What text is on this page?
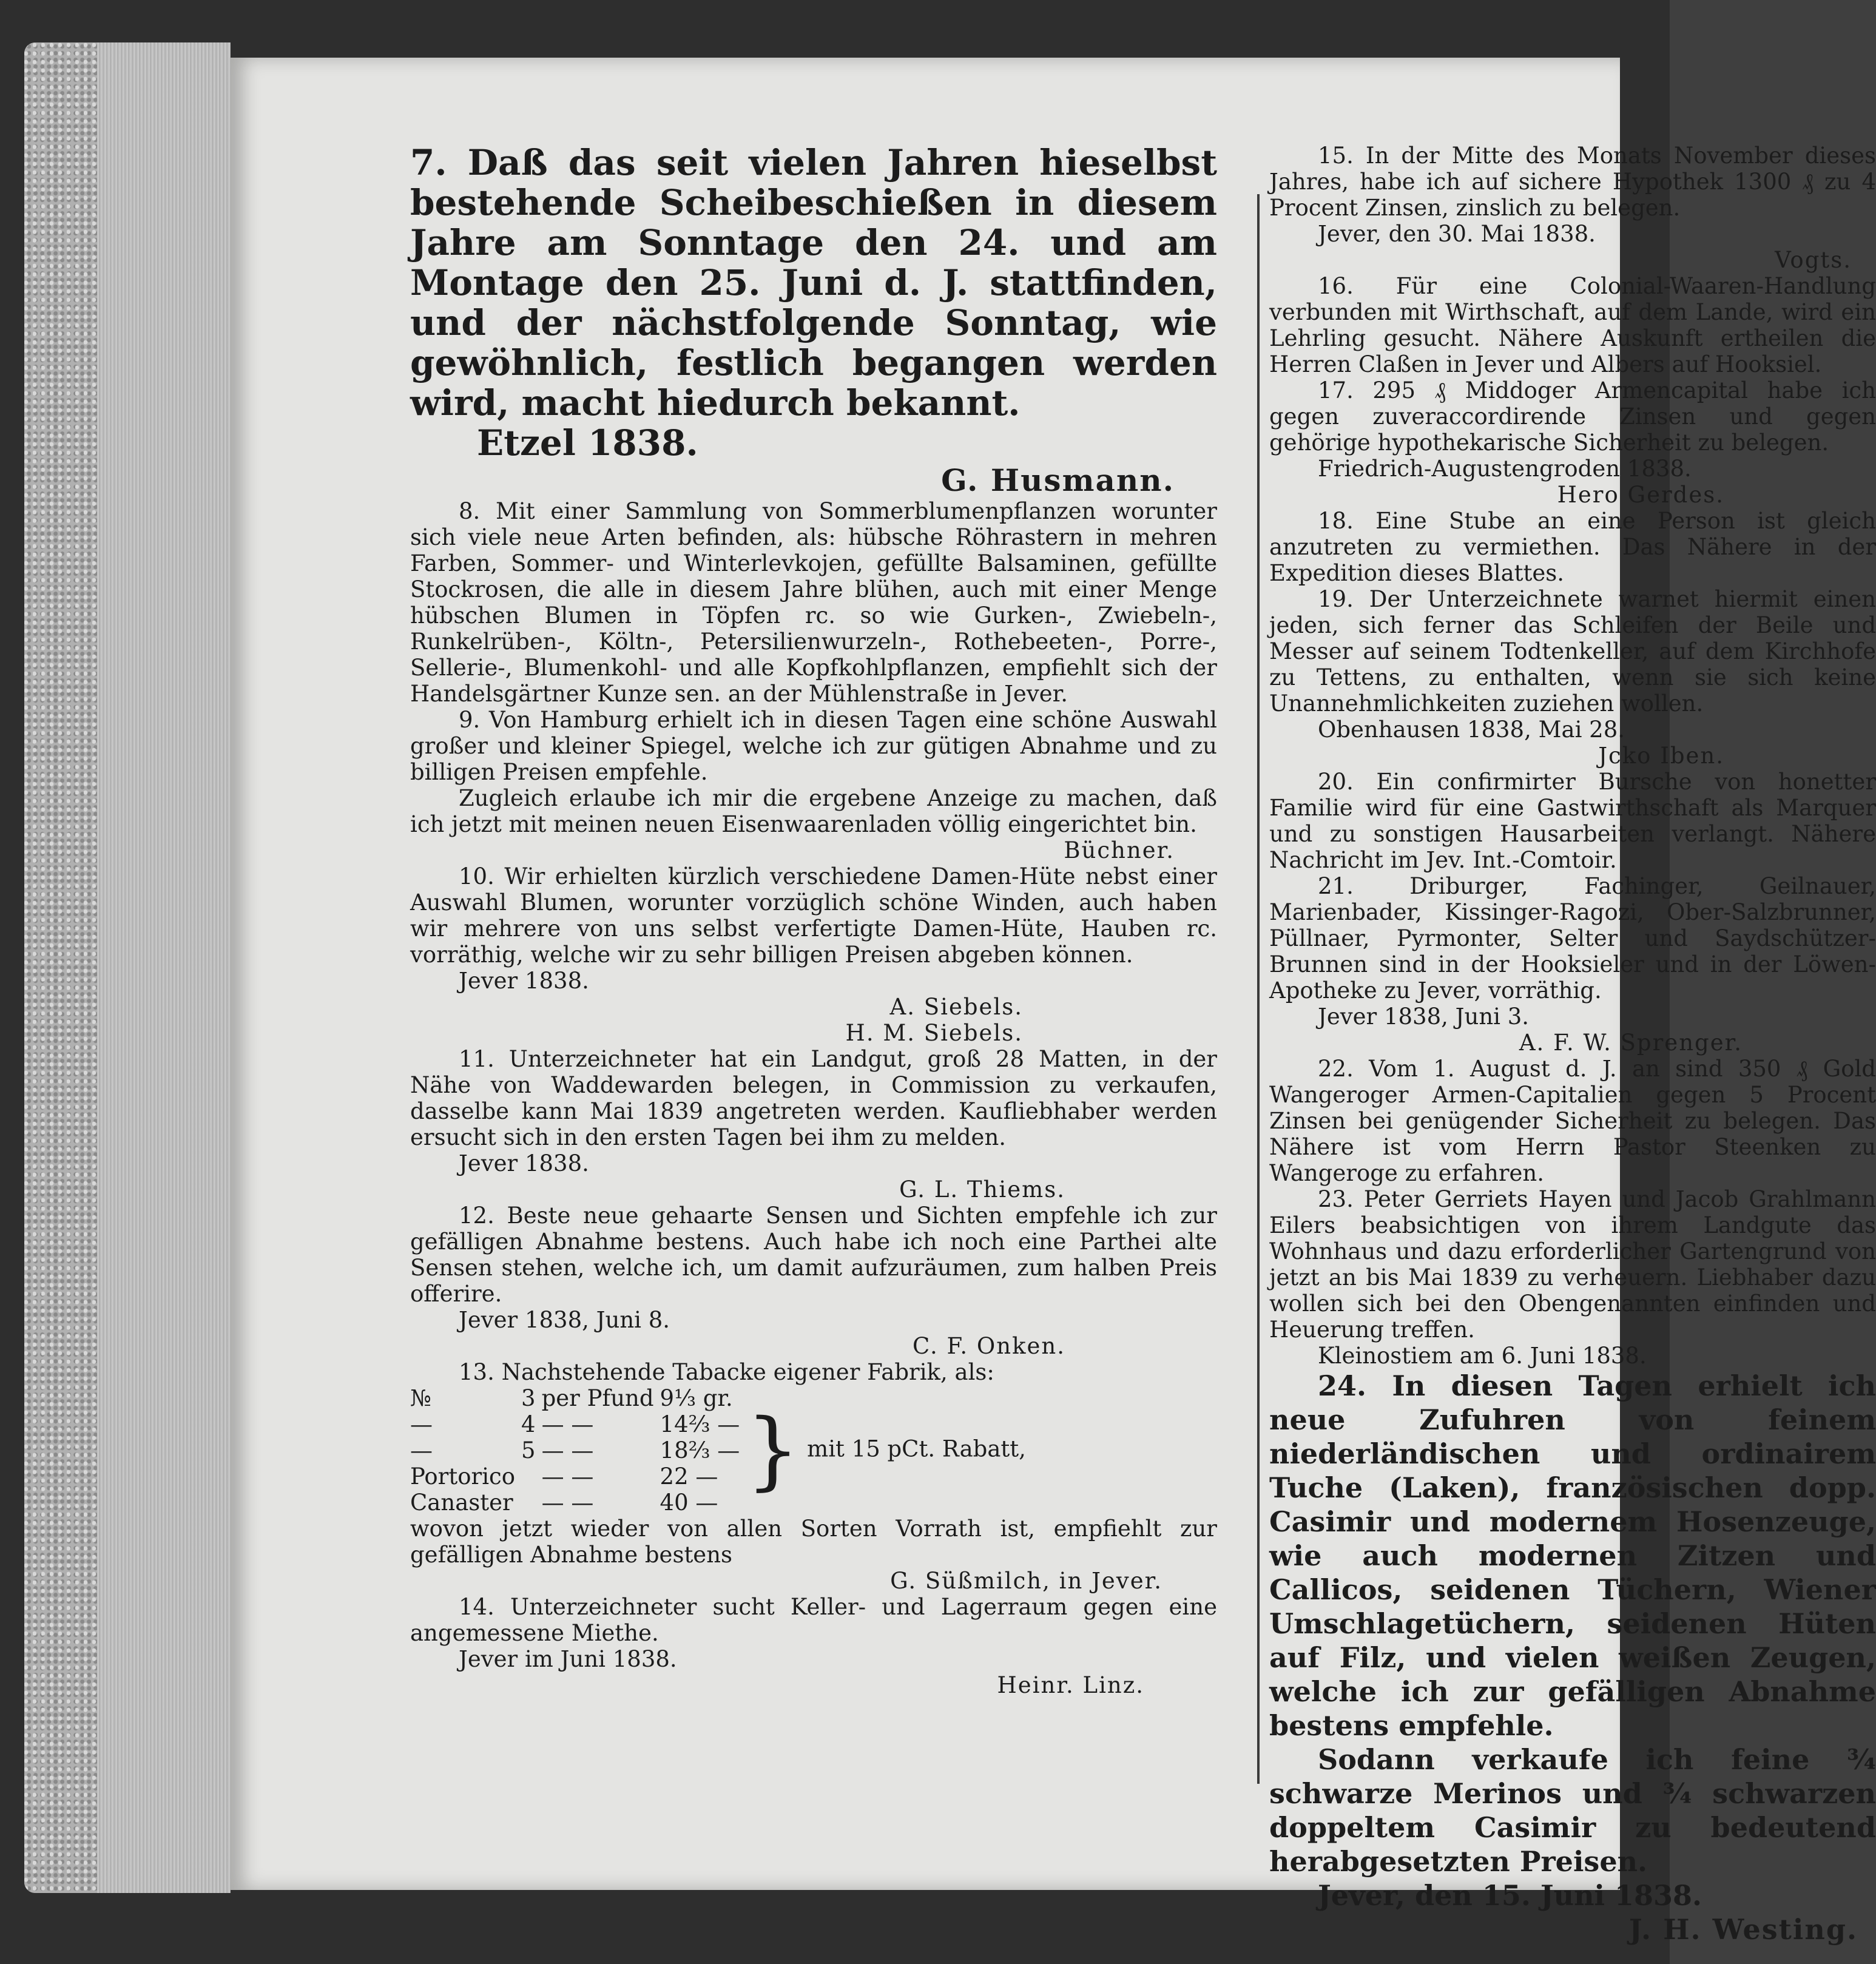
7. Daß das seit vielen Jahren hieselbst bestehende Scheibeschießen in diesem Jahre am Sonntage den 24. und am Montage den 25. Juni d. J. stattfinden, und der nächstfolgende Sonntag, wie gewöhnlich, festlich begangen werden wird, macht hiedurch bekannt.

Etzel 1838.

G. Husmann.

8. Mit einer Sammlung von Sommerblumenpflanzen worunter sich viele neue Arten befinden, als: hübsche Röhrastern in mehren Farben, Sommer- und Winterlevkojen, gefüllte Balsaminen, gefüllte Stockrosen, die alle in diesem Jahre blühen, auch mit einer Menge hübschen Blumen in Töpfen rc. so wie Gurken-, Zwiebeln-, Runkelrüben-, Költn-, Petersilienwurzeln-, Rothebeeten-, Porre-, Sellerie-, Blumenkohl- und alle Kopfkohlpflanzen, empfiehlt sich der Handelsgärtner Kunze sen. an der Mühlenstraße in Jever.

9. Von Hamburg erhielt ich in diesen Tagen eine schöne Auswahl großer und kleiner Spiegel, welche ich zur gütigen Abnahme und zu billigen Preisen empfehle.

Zugleich erlaube ich mir die ergebene Anzeige zu machen, daß ich jetzt mit meinen neuen Eisenwaarenladen völlig eingerichtet bin.

Büchner.

10. Wir erhielten kürzlich verschiedene Damen-Hüte nebst einer Auswahl Blumen, worunter vorzüglich schöne Winden, auch haben wir mehrere von uns selbst verfertigte Damen-Hüte, Hauben rc. vorräthig, welche wir zu sehr billigen Preisen abgeben können.

Jever 1838.

A. Siebels.

H. M. Siebels.

11. Unterzeichneter hat ein Landgut, groß 28 Matten, in der Nähe von Waddewarden belegen, in Commission zu verkaufen, dasselbe kann Mai 1839 angetreten werden. Kaufliebhaber werden ersucht sich in den ersten Tagen bei ihm zu melden.

Jever 1838.

G. L. Thiems.

12. Beste neue gehaarte Sensen und Sichten empfehle ich zur gefälligen Abnahme bestens. Auch habe ich noch eine Parthei alte Sensen stehen, welche ich, um damit aufzuräumen, zum halben Preis offerire.

Jever 1838, Juni 8.

C. F. Onken.

13. Nachstehende Tabacke eigener Fabrik, als:

№	3	per Pfund	9⅓ gr.	} mit 15 pCt. Rabatt,
—	4	— —	14⅔ —	
—	5	— —	18⅔ —	
Portorico		— —	22 —	
Canaster		— —	40 —	

wovon jetzt wieder von allen Sorten Vorrath ist, empfiehlt zur gefälligen Abnahme bestens

G. Süßmilch, in Jever.

14. Unterzeichneter sucht Keller- und Lagerraum gegen eine angemessene Miethe.

Jever im Juni 1838.

Heinr. Linz.

15. In der Mitte des Monats November dieses Jahres, habe ich auf sichere Hypothek 1300 ₰ zu 4 Procent Zinsen, zinslich zu belegen.

Jever, den 30. Mai 1838.

Vogts.

16. Für eine Colonial-Waaren-Handlung verbunden mit Wirthschaft, auf dem Lande, wird ein Lehrling gesucht. Nähere Auskunft ertheilen die Herren Claßen in Jever und Albers auf Hooksiel.

17. 295 ₰ Middoger Armencapital habe ich gegen zuveraccordirende Zinsen und gegen gehörige hypothekarische Sicherheit zu belegen.

Friedrich-Augustengroden 1838.

Hero Gerdes.

18. Eine Stube an eine Person ist gleich anzutreten zu vermiethen. Das Nähere in der Expedition dieses Blattes.

19. Der Unterzeichnete warnet hiermit einen jeden, sich ferner das Schleifen der Beile und Messer auf seinem Todtenkeller, auf dem Kirchhofe zu Tettens, zu enthalten, wenn sie sich keine Unannehmlichkeiten zuziehen wollen.

Obenhausen 1838, Mai 28.

Jcko Iben.

20. Ein confirmirter Bursche von honetter Familie wird für eine Gastwirthschaft als Marquer und zu sonstigen Hausarbeiten verlangt. Nähere Nachricht im Jev. Int.-Comtoir.

21. Driburger, Fachinger, Geilnauer, Marienbader, Kissinger-Ragozi, Ober-Salzbrunner, Püllnaer, Pyrmonter, Selter und Saydschützer-Brunnen sind in der Hooksieler und in der Löwen-Apotheke zu Jever, vorräthig.

Jever 1838, Juni 3.

A. F. W. Sprenger.

22. Vom 1. August d. J. an sind 350 ₰ Gold Wangeroger Armen-Capitalien gegen 5 Procent Zinsen bei genügender Sicherheit zu belegen. Das Nähere ist vom Herrn Pastor Steenken zu Wangeroge zu erfahren.

23. Peter Gerriets Hayen und Jacob Grahlmann Eilers beabsichtigen von ihrem Landgute das Wohnhaus und dazu erforderlicher Gartengrund von jetzt an bis Mai 1839 zu verheuern. Liebhaber dazu wollen sich bei den Obengenannten einfinden und Heuerung treffen.

Kleinostiem am 6. Juni 1838.

24. In diesen Tagen erhielt ich neue Zufuhren von feinem niederländischen und ordinairem Tuche (Laken), französischen dopp. Casimir und modernem Hosenzeuge, wie auch modernen Zitzen und Callicos, seidenen Tüchern, Wiener Umschlagetüchern, seidenen Hüten auf Filz, und vielen weißen Zeugen, welche ich zur gefälligen Abnahme bestens empfehle.

Sodann verkaufe ich feine ¾ schwarze Merinos und ¾ schwarzen doppeltem Casimir zu bedeutend herabgesetzten Preisen.

Jever, den 15. Juni 1838.

J. H. Westing.
